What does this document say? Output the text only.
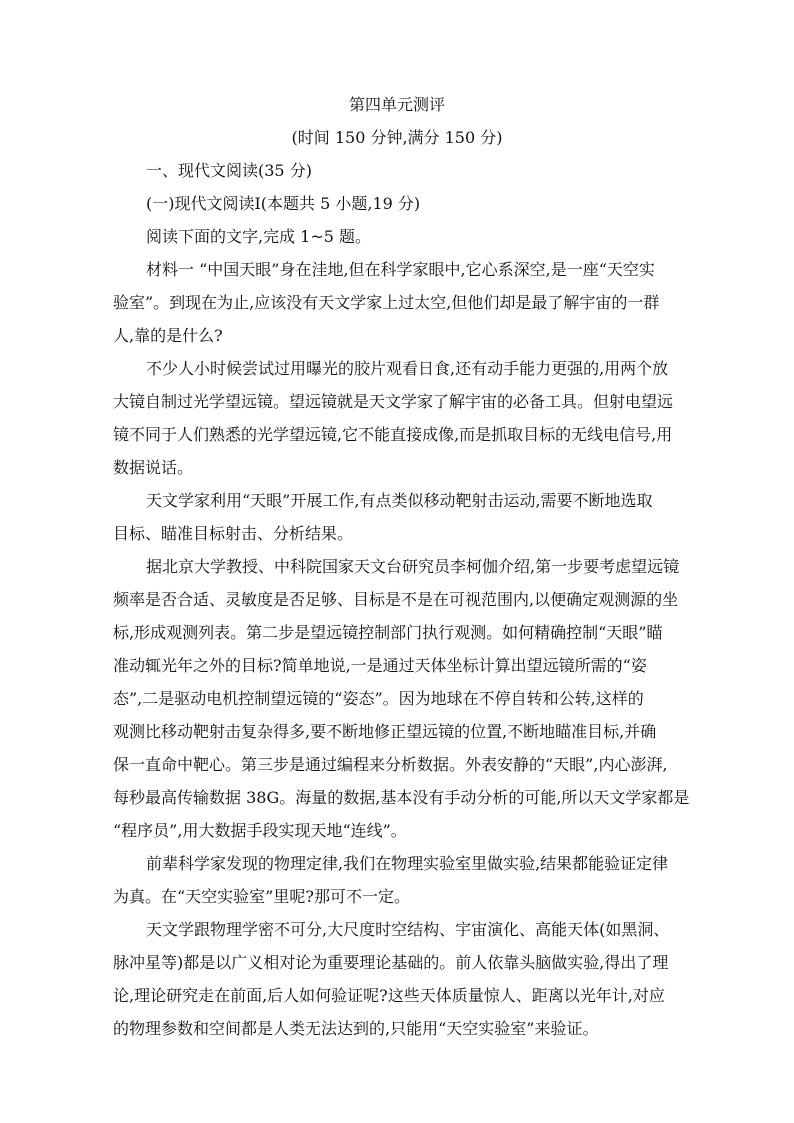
第四单元测评
(时间 150 分钟,满分 150 分)
一、现代文阅读(35 分)
(一)现代文阅读Ⅰ(本题共 5 小题,19 分)
阅读下面的文字,完成 1~5 题。
材料一 “中国天眼”身在洼地,但在科学家眼中,它心系深空,是一座“天空实
验室”。到现在为止,应该没有天文学家上过太空,但他们却是最了解宇宙的一群
人,靠的是什么?
不少人小时候尝试过用曝光的胶片观看日食,还有动手能力更强的,用两个放
大镜自制过光学望远镜。望远镜就是天文学家了解宇宙的必备工具。但射电望远
镜不同于人们熟悉的光学望远镜,它不能直接成像,而是抓取目标的无线电信号,用
数据说话。
天文学家利用“天眼”开展工作,有点类似移动靶射击运动,需要不断地选取
目标、瞄准目标射击、分析结果。
据北京大学教授、中科院国家天文台研究员李柯伽介绍,第一步要考虑望远镜
频率是否合适、灵敏度是否足够、目标是不是在可视范围内,以便确定观测源的坐
标,形成观测列表。第二步是望远镜控制部门执行观测。如何精确控制“天眼”瞄
准动辄光年之外的目标?简单地说,一是通过天体坐标计算出望远镜所需的“姿
态”,二是驱动电机控制望远镜的“姿态”。因为地球在不停自转和公转,这样的
观测比移动靶射击复杂得多,要不断地修正望远镜的位置,不断地瞄准目标,并确
保一直命中靶心。第三步是通过编程来分析数据。外表安静的“天眼”,内心澎湃,
每秒最高传输数据 38G。海量的数据,基本没有手动分析的可能,所以天文学家都是
“程序员”,用大数据手段实现天地“连线”。
前辈科学家发现的物理定律,我们在物理实验室里做实验,结果都能验证定律
为真。在“天空实验室”里呢?那可不一定。
天文学跟物理学密不可分,大尺度时空结构、宇宙演化、高能天体(如黑洞、
脉冲星等)都是以广义相对论为重要理论基础的。前人依靠头脑做实验,得出了理
论,理论研究走在前面,后人如何验证呢?这些天体质量惊人、距离以光年计,对应
的物理参数和空间都是人类无法达到的,只能用“天空实验室”来验证。
